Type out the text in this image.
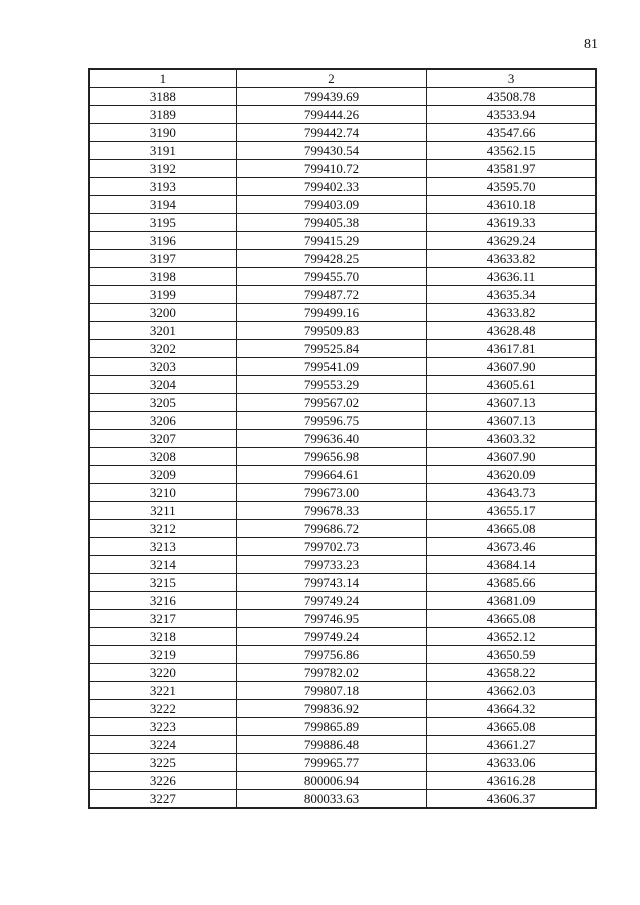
81
1	2	3
3188	799439.69	43508.78
3189	799444.26	43533.94
3190	799442.74	43547.66
3191	799430.54	43562.15
3192	799410.72	43581.97
3193	799402.33	43595.70
3194	799403.09	43610.18
3195	799405.38	43619.33
3196	799415.29	43629.24
3197	799428.25	43633.82
3198	799455.70	43636.11
3199	799487.72	43635.34
3200	799499.16	43633.82
3201	799509.83	43628.48
3202	799525.84	43617.81
3203	799541.09	43607.90
3204	799553.29	43605.61
3205	799567.02	43607.13
3206	799596.75	43607.13
3207	799636.40	43603.32
3208	799656.98	43607.90
3209	799664.61	43620.09
3210	799673.00	43643.73
3211	799678.33	43655.17
3212	799686.72	43665.08
3213	799702.73	43673.46
3214	799733.23	43684.14
3215	799743.14	43685.66
3216	799749.24	43681.09
3217	799746.95	43665.08
3218	799749.24	43652.12
3219	799756.86	43650.59
3220	799782.02	43658.22
3221	799807.18	43662.03
3222	799836.92	43664.32
3223	799865.89	43665.08
3224	799886.48	43661.27
3225	799965.77	43633.06
3226	800006.94	43616.28
3227	800033.63	43606.37
